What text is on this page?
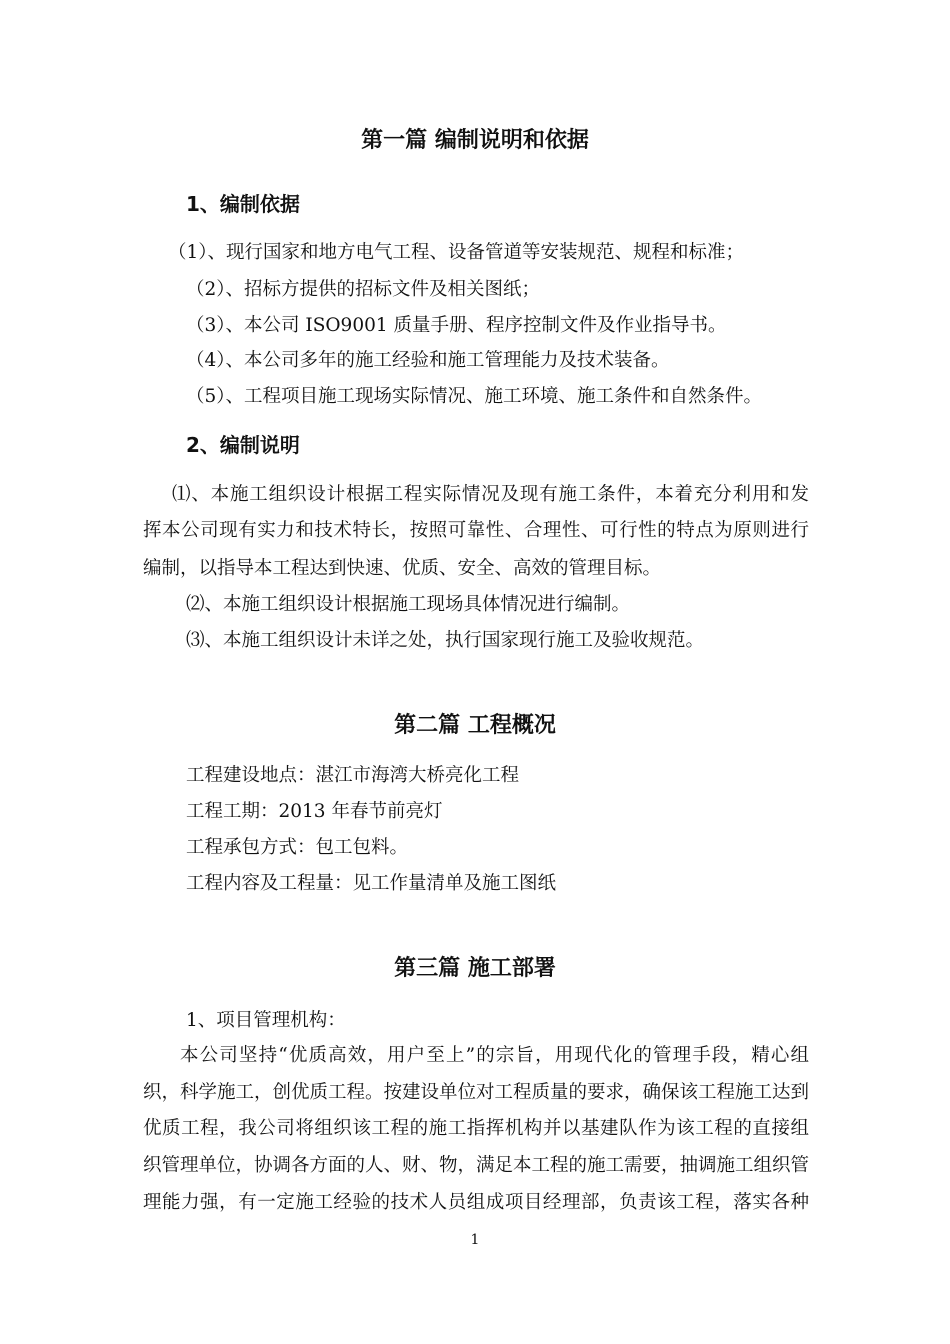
第一篇 编制说明和依据
1、编制依据
（1）、现行国家和地方电气工程、设备管道等安装规范、规程和标准；
（2）、招标方提供的招标文件及相关图纸；
（3）、本公司 ISO9001 质量手册、程序控制文件及作业指导书。
（4）、本公司多年的施工经验和施工管理能力及技术装备。
（5）、工程项目施工现场实际情况、施工环境、施工条件和自然条件。
2、编制说明
⑴、本施工组织设计根据工程实际情况及现有施工条件，本着充分利用和发
挥本公司现有实力和技术特长，按照可靠性、合理性、可行性的特点为原则进行
编制，以指导本工程达到快速、优质、安全、高效的管理目标。
⑵、本施工组织设计根据施工现场具体情况进行编制。
⑶、本施工组织设计未详之处，执行国家现行施工及验收规范。
第二篇 工程概况
工程建设地点：湛江市海湾大桥亮化工程
工程工期：2013 年春节前亮灯
工程承包方式：包工包料。
工程内容及工程量：见工作量清单及施工图纸
第三篇 施工部署
1、项目管理机构：
本公司坚持“优质高效，用户至上”的宗旨，用现代化的管理手段，精心组
织，科学施工，创优质工程。按建设单位对工程质量的要求，确保该工程施工达到
优质工程，我公司将组织该工程的施工指挥机构并以基建队作为该工程的直接组
织管理单位，协调各方面的人、财、物，满足本工程的施工需要，抽调施工组织管
理能力强，有一定施工经验的技术人员组成项目经理部，负责该工程，落实各种
1
